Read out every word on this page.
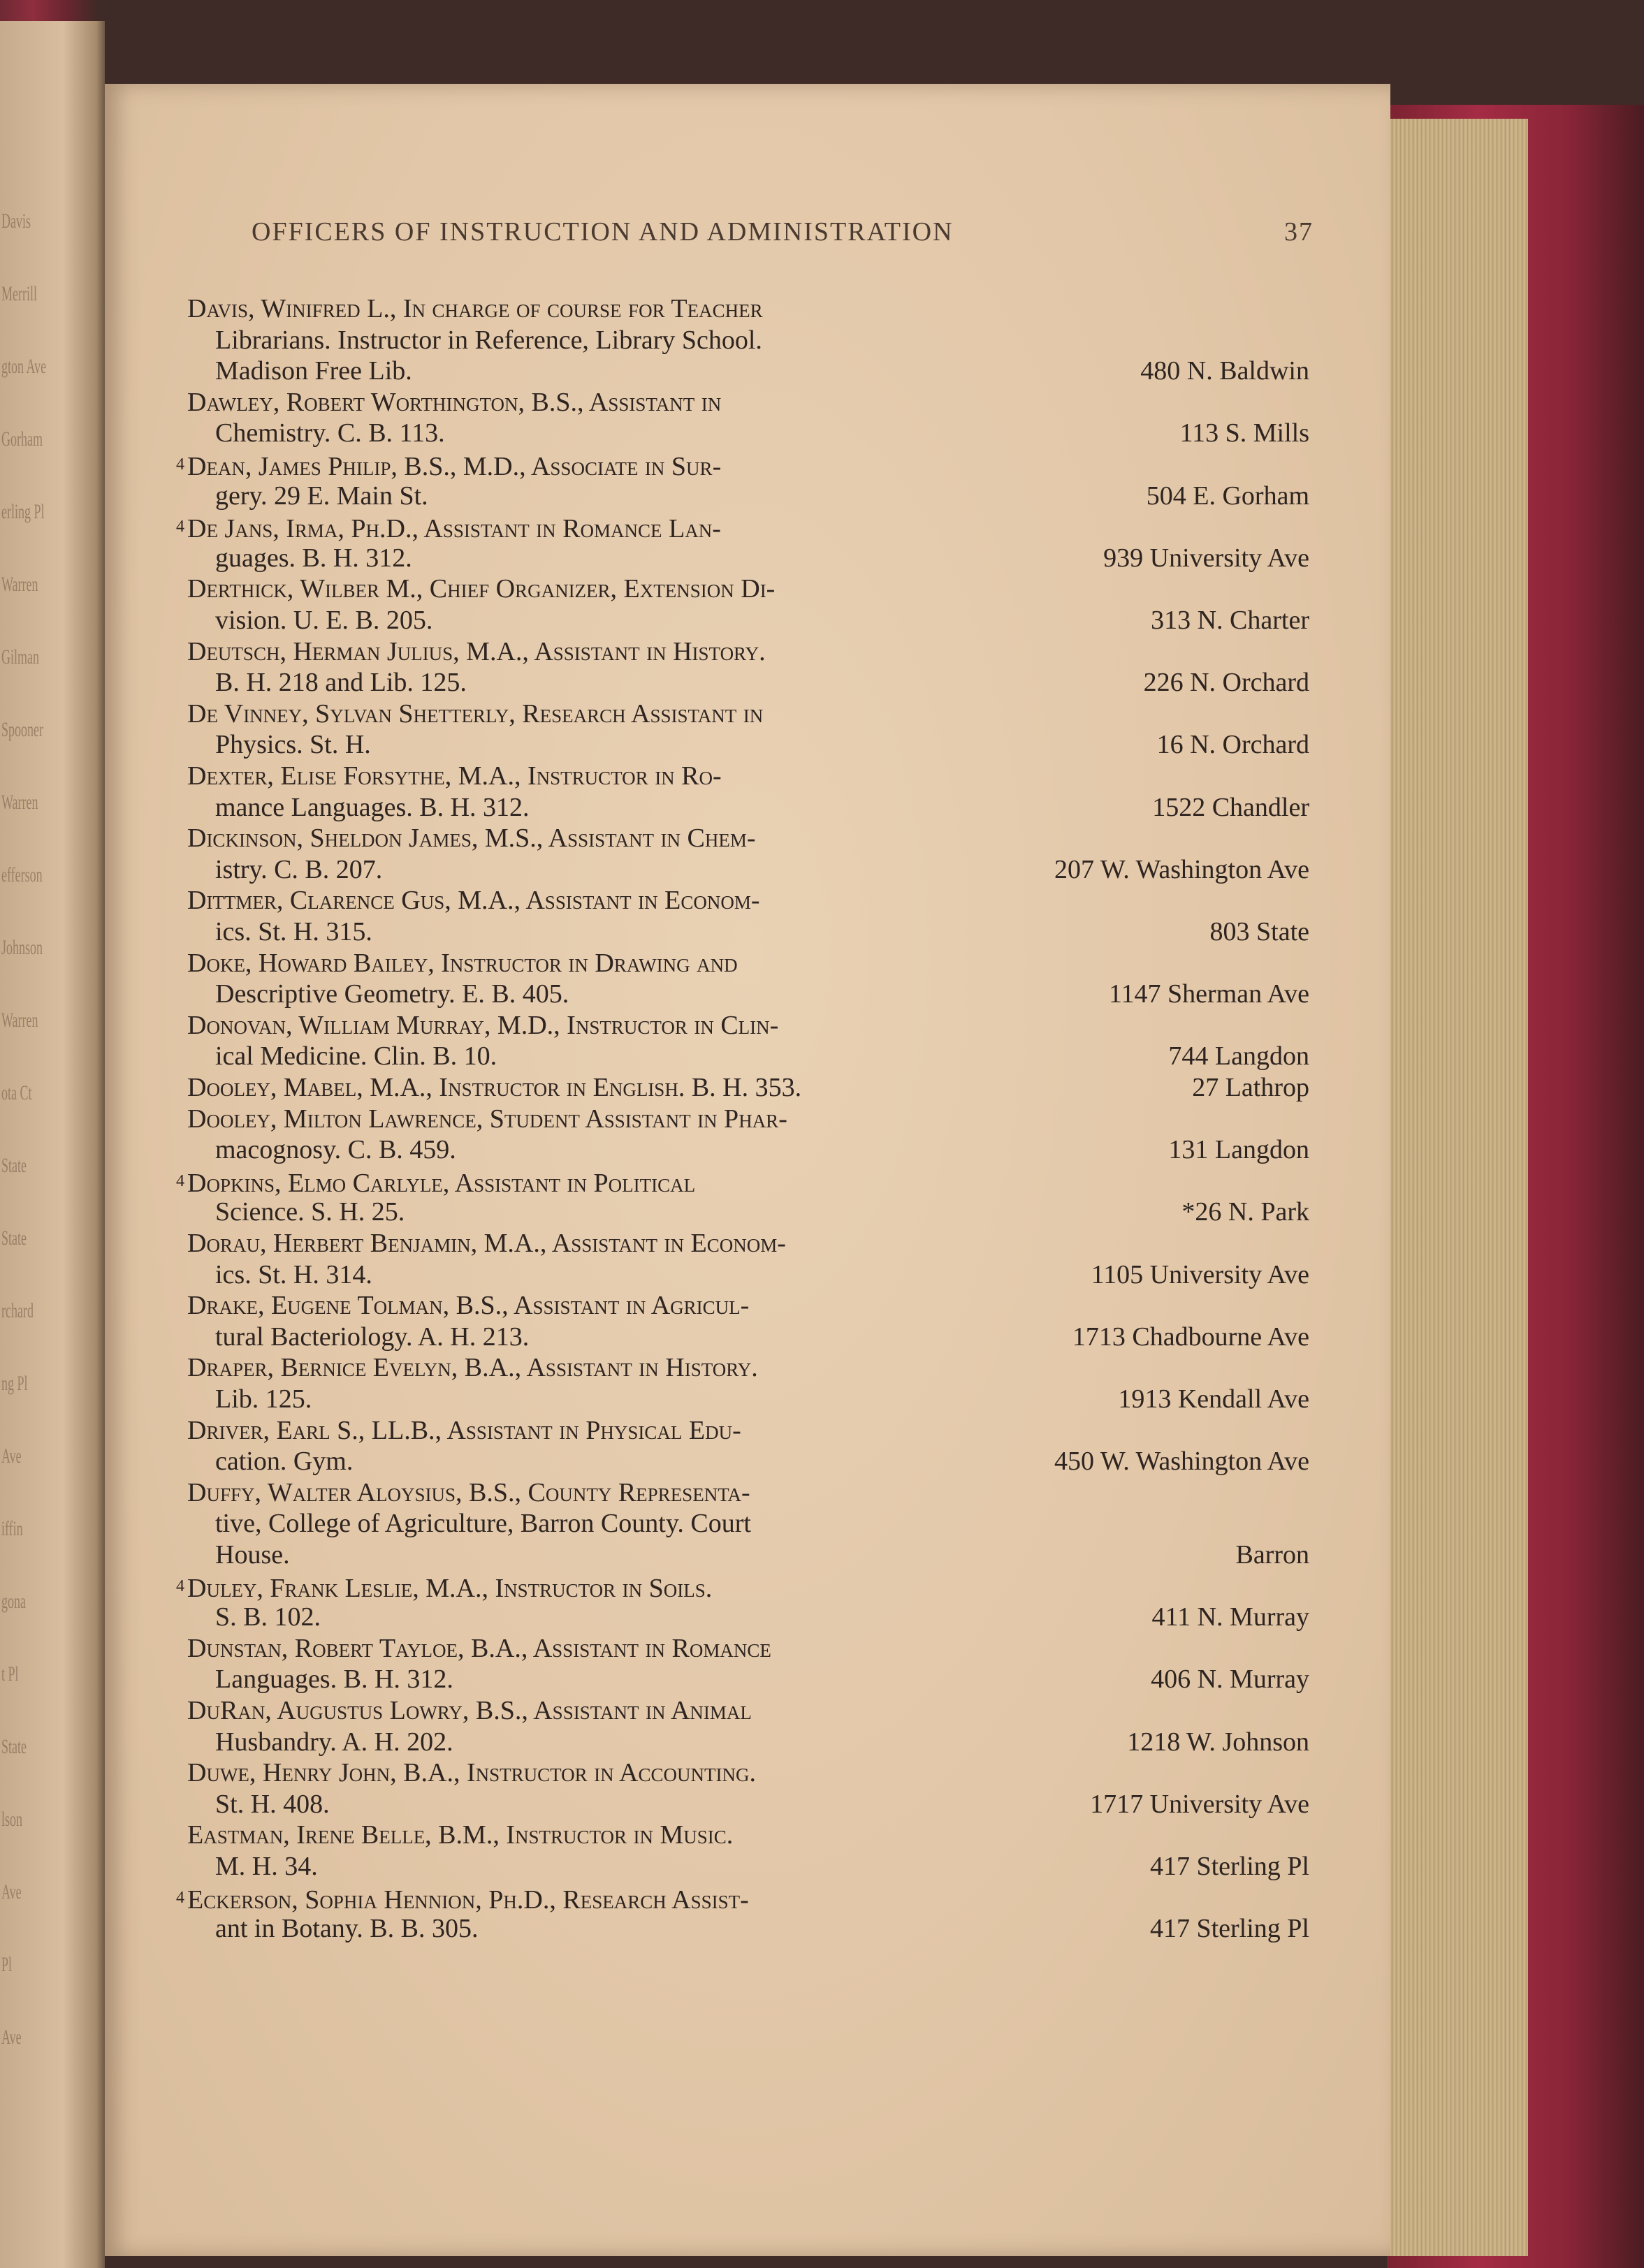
Davis
Merrill
gton Ave
Gorham
erling Pl
Warren
Gilman
Spooner
Warren
efferson
Johnson
Warren
ota Ct
State
State
rchard
ng Pl
Ave
iffin
gona
t Pl
State
lson
Ave
Pl
Ave
OFFICERS OF INSTRUCTION AND ADMINISTRATION	37
Davis, Winifred L., In charge of course for Teacher
Librarians. Instructor in Reference, Library School.
Madison Free Lib.	480 N. Baldwin
Dawley, Robert Worthington, B.S., Assistant in
Chemistry. C. B. 113.	113 S. Mills
$^4$ Dean, James Philip, B.S., M.D., Associate in Sur-
gery. 29 E. Main St.	504 E. Gorham
$^4$ De Jans, Irma, Ph.D., Assistant in Romance Lan-
guages. B. H. 312.	939 University Ave
Derthick, Wilber M., Chief Organizer, Extension Di-
vision. U. E. B. 205.	313 N. Charter
Deutsch, Herman Julius, M.A., Assistant in History.
B. H. 218 and Lib. 125.	226 N. Orchard
De Vinney, Sylvan Shetterly, Research Assistant in
Physics. St. H.	16 N. Orchard
Dexter, Elise Forsythe, M.A., Instructor in Ro-
mance Languages. B. H. 312.	1522 Chandler
Dickinson, Sheldon James, M.S., Assistant in Chem-
istry. C. B. 207.	207 W. Washington Ave
Dittmer, Clarence Gus, M.A., Assistant in Econom-
ics. St. H. 315.	803 State
Doke, Howard Bailey, Instructor in Drawing and
Descriptive Geometry. E. B. 405.	1147 Sherman Ave
Donovan, William Murray, M.D., Instructor in Clin-
ical Medicine. Clin. B. 10.	744 Langdon
Dooley, Mabel, M.A., Instructor in English. B. H. 353.	27 Lathrop
Dooley, Milton Lawrence, Student Assistant in Phar-
macognosy. C. B. 459.	131 Langdon
$^4$ Dopkins, Elmo Carlyle, Assistant in Political
Science. S. H. 25.	*26 N. Park
Dorau, Herbert Benjamin, M.A., Assistant in Econom-
ics. St. H. 314.	1105 University Ave
Drake, Eugene Tolman, B.S., Assistant in Agricul-
tural Bacteriology. A. H. 213.	1713 Chadbourne Ave
Draper, Bernice Evelyn, B.A., Assistant in History.
Lib. 125.	1913 Kendall Ave
Driver, Earl S., LL.B., Assistant in Physical Edu-
cation. Gym.	450 W. Washington Ave
Duffy, Walter Aloysius, B.S., County Representa-
tive, College of Agriculture, Barron County. Court
House.	Barron
$^4$ Duley, Frank Leslie, M.A., Instructor in Soils.
S. B. 102.	411 N. Murray
Dunstan, Robert Tayloe, B.A., Assistant in Romance
Languages. B. H. 312.	406 N. Murray
DuRan, Augustus Lowry, B.S., Assistant in Animal
Husbandry. A. H. 202.	1218 W. Johnson
Duwe, Henry John, B.A., Instructor in Accounting.
St. H. 408.	1717 University Ave
Eastman, Irene Belle, B.M., Instructor in Music.
M. H. 34.	417 Sterling Pl
$^4$ Eckerson, Sophia Hennion, Ph.D., Research Assist-
ant in Botany. B. B. 305.	417 Sterling Pl
